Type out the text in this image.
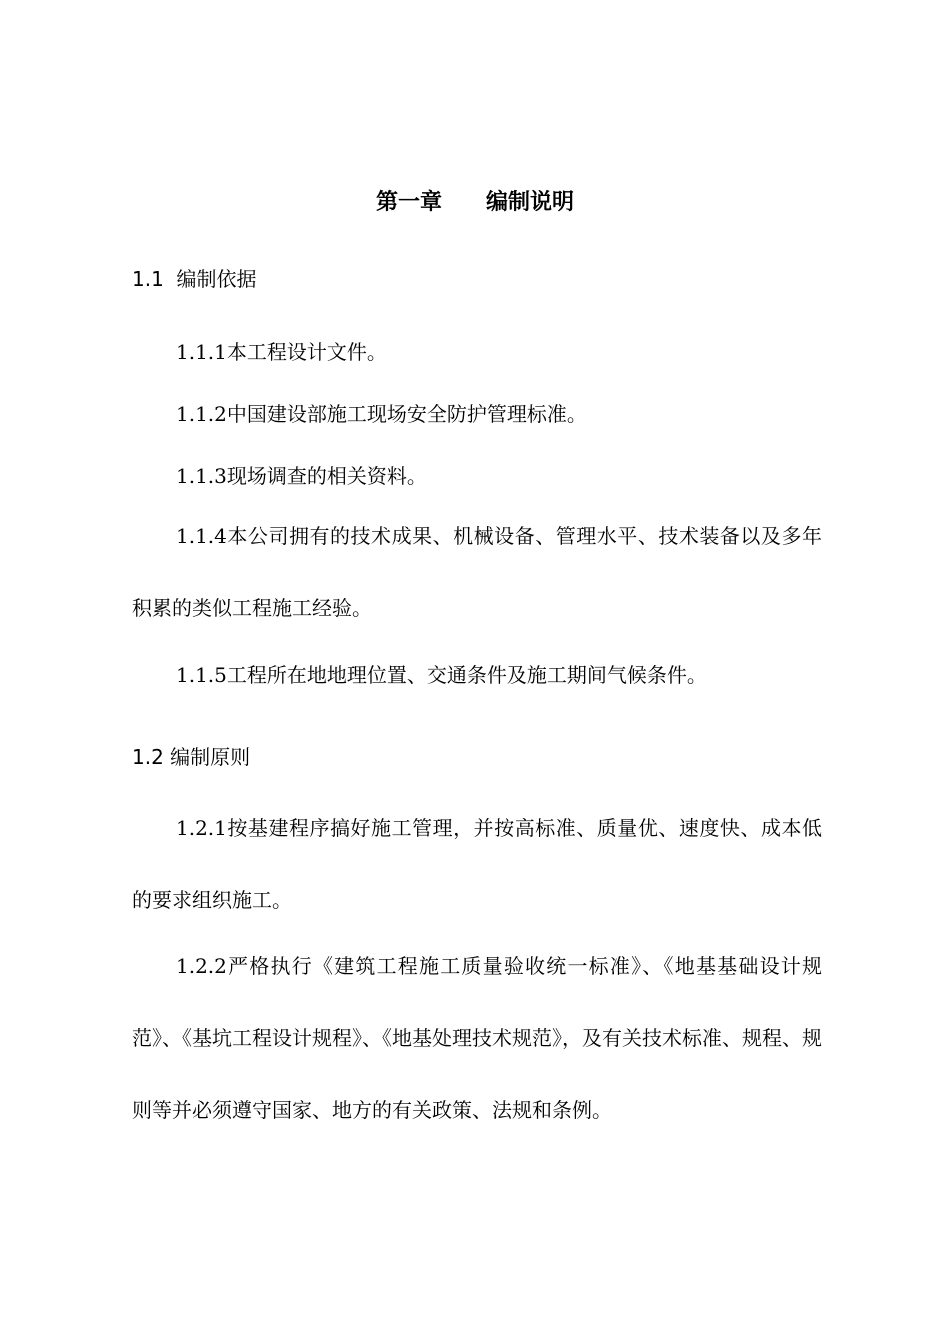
第一章　　编制说明
1.1  编制依据
1.1.1本工程设计文件。
1.1.2中国建设部施工现场安全防护管理标准。
1.1.3现场调查的相关资料。
1.1.4本公司拥有的技术成果、机械设备、管理水平、技术装备以及多年积累的类似工程施工经验。
1.1.5工程所在地地理位置、交通条件及施工期间气候条件。
1.2 编制原则
1.2.1按基建程序搞好施工管理，并按高标准、质量优、速度快、成本低的要求组织施工。
1.2.2严格执行《建筑工程施工质量验收统一标准》、《地基基础设计规范》、《基坑工程设计规程》、《地基处理技术规范》，及有关技术标准、规程、规则等并必须遵守国家、地方的有关政策、法规和条例。
